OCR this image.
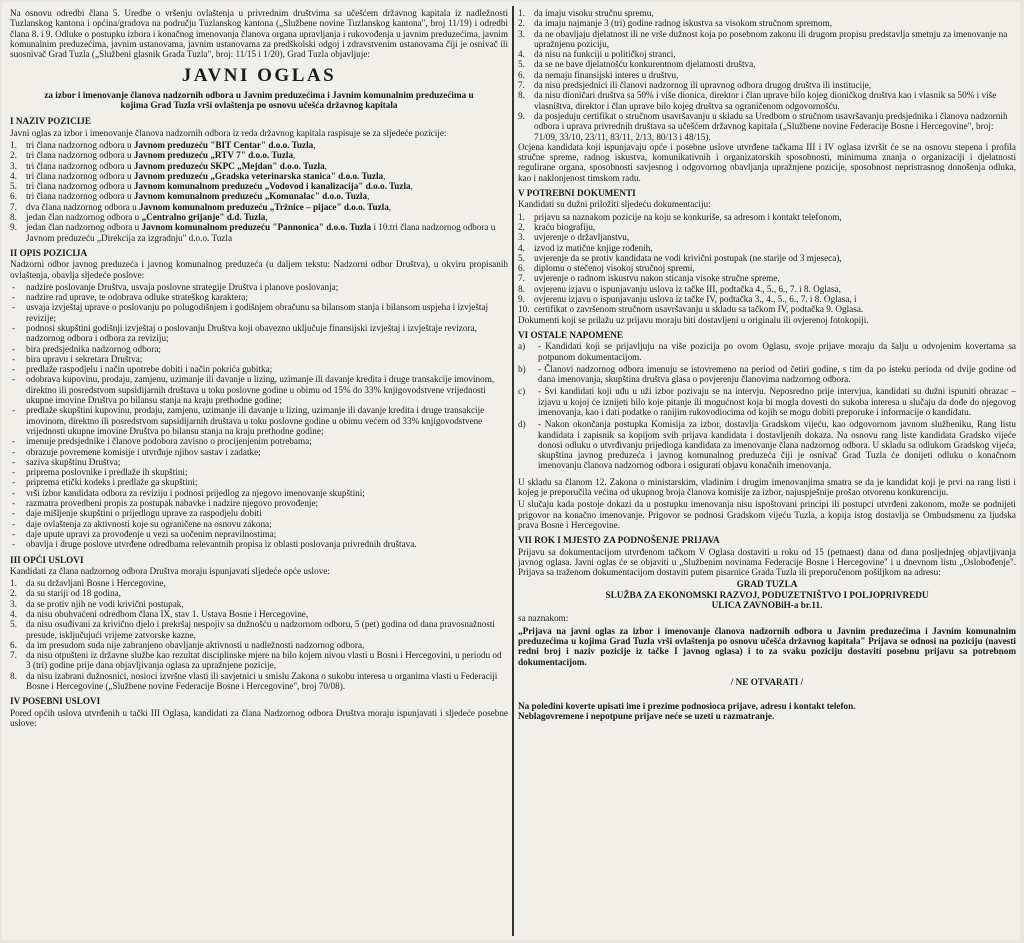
Na osnovu odredbi člana 5. Uredbe o vršenju ovlaštenja u privrednim društvima sa učešćem državnog kapitala iz nadležnosti Tuzlanskog kantona i općina/gradova na području Tuzlanskog kantona („Službene novine Tuzlanskog kantona", broj 11/19) i odredbi člana 8. i 9. Odluke o postupku izbora i konačnog imenovanja članova organa upravljanja i rukovođenja u javnim preduzećima, javnim komunalnim preduzećima, javnim ustanovama, javnim ustanovama za predškolski odgoj i zdravstvenim ustanovama čiji je osnivač ili suosnivač Grad Tuzla („Službeni glasnik Grada Tuzla", broj: 11/15 i 1/20), Grad Tuzla objavljuje:

JAVNI OGLAS
za izbor i imenovanje članova nadzornih odbora u Javnim preduzećima i Javnim komunalnim preduzećima u kojima Grad Tuzla vrši ovlaštenja po osnovu učešća državnog kapitala
I NAZIV POZICIJE

Javni oglas za izbor i imenovanje članova nadzornih odbora iz reda državnog kapitala raspisuje se za sljedeće pozicije:

1. tri člana nadzornog odbora u Javnom preduzeću "BIT Centar" d.o.o. Tuzla,
2. tri člana nadzornog odbora u Javnom preduzeću „RTV 7" d.o.o. Tuzla,
3. tri člana nadzornog odbora u Javnom preduzeću SKPC „Mejdan" d.o.o. Tuzla,
4. tri člana nadzornog odbora u Javnom preduzeću „Gradska veterinarska stanica" d.o.o. Tuzla,
5. tri člana nadzornog odbora u Javnom komunalnom preduzeću „Vodovod i kanalizacija" d.o.o. Tuzla,
6. tri člana nadzornog odbora u Javnom komunalnom preduzeću „Komunalac" d.o.o. Tuzla,
7. dva člana nadzornog odbora u Javnom komunalnom preduzeću „Tržnice – pijace" d.o.o. Tuzla,
8. jedan član nadzornog odbora u „Centralno grijanje" d.d. Tuzla,
9. jedan član nadzornog odbora u Javnom komunalnom preduzeću "Pannonica" d.o.o. Tuzla i 10.tri člana nadzornog odbora u Javnom preduzeću „Direkcija za izgradnju" d.o.o. Tuzla
II OPIS POZICIJA

Nadzorni odbor javnog preduzeća i javnog komunalnog preduzeća (u daljem tekstu: Nadzorni odbor Društva), u okviru propisanih ovlaštenja, obavlja sljedeće poslove:

-	nadzire poslovanje Društva, usvaja poslovne strategije Društva i planove poslovanja;
-	nadzire rad uprave, te odobrava odluke strateškog karaktera;
-	usvaja izvještaj uprave o poslovanju po polugodišnjem i godišnjem obračunu sa bilansom stanja i bilansom uspjeha i izvještaj revizije;
-	podnosi skupštini godišnji izvještaj o poslovanju Društva koji obavezno uključuje finansijski izvještaj i izvještaje revizora, nadzornog odbora i odbora za reviziju;
-	bira predsjednika nadzornog odbora;
-	bira upravu i sekretara Društva;
-	predlaže raspodjelu i način upotrebe dobiti i način pokrića gubitka;
-	odobrava kupovinu, prodaju, zamjenu, uzimanje ili davanje u lizing, uzimanje ili davanje kredita i druge transakcije imovinom, direktno ili posredstvom supsidijarnih društava u toku poslovne godine u obimu od 15% do 33% knjigovodstvene vrijednosti ukupne imovine Društva po bilansu stanja na kraju prethodne godine;
-	predlaže skupštini kupovinu, prodaju, zamjenu, uzimanje ili davanje u lizing, uzimanje ili davanje kredita i druge transakcije imovinom, direktno ili posredstvom supsidijarnih društava u toku poslovne godine u obimu većem od 33% knjigovodstvene vrijednosti ukupne imovine Društva po bilansu stanja na kraju prethodne godine;
-	imenuje predsjednike i članove podobora zavisno o procijenjenim potrebama;
-	obrazuje povremene komisije i utvrđuje njihov sastav i zadatke;
-	saziva skupštinu Društva;
-	priprema poslovnike i predlaže ih skupštini;
-	priprema etički kodeks i predlaže ga skupštini;
-	vrši izbor kandidata odbora za reviziju i podnosi prijedlog za njegovo imenovanje skupštini;
-	razmatra provedbeni propis za postupak nabavke i nadzire njegovo provođenje;
-	daje mišljenje skupštini o prijedlogu uprave za raspodjelu dobiti
-	daje ovlaštenja za aktivnosti koje su ograničene na osnovu zakona;
-	daje upute upravi za provođenje u vezi sa uočenim nepravilnostima;
-	obavlja i druge poslove utvrđene odredbama relevantnih propisa iz oblasti poslovanja privrednih društava.
III OPĆI USLOVI

Kandidati za člana nadzornog odbora Društva moraju ispunjavati sljedeće opće uslove:

1. da su državljani Bosne i Hercegovine,
2. da su stariji od 18 godina,
3. da se protiv njih ne vodi krivični postupak,
4. da nisu obuhvaćeni odredbom člana IX, stav 1. Ustava Bosne i Hercegovine,
5. da nisu osuđivani za krivično djelo i prekršaj nespojiv sa dužnošću u nadzornom odboru, 5 (pet) godina od dana pravosnažnosti presude, isključujući vrijeme zatvorske kazne,
6. da im presudom suda nije zabranjeno obavljanje aktivnosti u nadležnosti nadzornog odbora,
7. da nisu otpušteni iz državne službe kao rezultat disciplinske mjere na bilo kojem nivou vlasti u Bosni i Hercegovini, u periodu od 3 (tri) godine prije dana objavljivanja oglasa za upražnjene pozicije,
8. da nisu izabrani dužnosnici, nosioci izvršne vlasti ili savjetnici u smislu Zakona o sukobu interesa u organima vlasti u Federaciji Bosne i Hercegovine („Službene novine Federacije Bosne i Hercegovine", broj 70/08).
IV POSEBNI USLOVI

Pored općih uslova utvrđenih u tački III Oglasa, kandidati za člana Nadzornog odbora Društva moraju ispunjavati i sljedeće posebne uslove:

1. da imaju visoku stručnu spremu,
2. da imaju najmanje 3 (tri) godine radnog iskustva sa visokom stručnom spremom,
3. da ne obavljaju djelatnost ili ne vrše dužnost koja po posebnom zakonu ili drugom propisu predstavlja smetnju za imenovanje na upražnjenu poziciju,
4. da nisu na funkciji u političkoj stranci,
5. da se ne bave djelatnošću konkurentnom djelatnosti društva,
6. da nemaju finansijski interes u društvu,
7. da nisu predsjednici ili članovi nadzornog ili upravnog odbora drugog društva ili institucije,
8. da nisu dioničari društva sa 50% i više dionica, direktor i član uprave bilo kojeg dioničkog društva kao i vlasnik sa 50% i više vlasništva, direktor i član uprave bilo kojeg društva sa ograničenom odgovornošću.
9. da posjeduju certifikat o stručnom usavršavanju u skladu sa Uredbom o stručnom usavršavanju predsjednika i članova nadzornih odbora i uprava privrednih društava sa učešćem državnog kapitala („Službene novine Federacije Bosne i Hercegovine", broj: 71/09, 33/10, 23/11, 83/11, 2/13, 80/13 i 48/15).

Ocjena kandidata koji ispunjavaju opće i posebne uslove utvrđene tačkama III i IV oglasa izvršit će se na osnovu stepena i profila stručne spreme, radnog iskustva, komunikativnih i organizatorskih sposobnosti, minimuma znanja o organizaciji i djelatnosti regulirane organa, sposobnosti savjesnog i odgovornog obavljanja upražnjene pozicije, sposobnost nepristrasnog donošenja odluka, kao i naklonjenost timskom radu.

V POTREBNI DOKUMENTI

Kandidati su dužni priložiti sljedeću dokumentaciju:

1. prijavu sa naznakom pozicije na koju se konkuriše, sa adresom i kontakt telefonom,
2. kraću biografiju,
3. uvjerenje o državljanstvu,
4. izvod iz matične knjige rođenih,
5. uvjerenje da se protiv kandidata ne vodi krivični postupak (ne starije od 3 mjeseca),
6. diplomu o stečenoj visokoj stručnoj spremi,
7. uvjerenje o radnom iskustvu nakon sticanja visoke stručne spreme,
8. ovjerenu izjavu o ispunjavanju uslova iz tačke III, podtačka 4., 5., 6., 7. i 8. Oglasa,
9. ovjerenu izjavu o ispunjavanju uslova iz tačke IV, podtačka 3., 4., 5., 6., 7. i 8. Oglasa, i
10. certifikat o završenom stručnom usavršavanju u skladu sa tačkom IV, podtačka 9. Oglasa.

Dokumenti koji se prilažu uz prijavu moraju biti dostavljeni u originalu ili ovjerenoj fotokopiji.

VI OSTALE NAPOMENE
a)	- Kandidati koji se prijavljuju na više pozicija po ovom Oglasu, svoje prijave moraju da šalju u odvojenim kovertama sa potpunom dokumentacijom.
b)	- Članovi nadzornog odbora imenuju se istovremeno na period od četiri godine, s tim da po isteku perioda od dvije godine od dana imenovanja, skupština društva glasa o povjerenju članovima nadzornog odbora.
c)	- Svi kandidati koji uđu u uži izbor pozivaju se na intervju. Neposredno prije intervjua, kandidati su dužni ispuniti obrazac – izjavu u kojoj će iznijeti bilo koje pitanje ili mogućnost koja bi mogla dovesti do sukoba interesa u slučaju da dođe do njegovog imenovanja, kao i dati podatke o ranijim rukovodiocima od kojih se mogu dobiti preporuke i informacije o kandidatu.
d)	- Nakon okončanja postupka Komisija za izbor, dostavlja Gradskom vijeću, kao odgovornom javnom službeniku, Rang listu kandidata i zapisnik sa kopijom svih prijava kandidata i dostavljenih dokaza. Na osnovu rang liste kandidata Gradsko vijeće donosi odluku o utvrđivanju prijedloga kandidata za imenovanje člana nadzornog odbora. U skladu sa odlukom Gradskog vijeća, skupština javnog preduzeća i javnog komunalnog preduzeća čiji je osnivač Grad Tuzla će donijeti odluku o konačnom imenovanju članova nadzornog odbora i osigurati objavu konačnih imenovanja.

U skladu sa članom 12. Zakona o ministarskim, vladinim i drugim imenovanjima smatra se da je kandidat koji je prvi na rang listi i kojeg je preporučila većina od ukupnog broja članova komisije za izbor, najuspješnije prošao otvorenu konkurenciju.

U slučaju kada postoje dokazi da u postupku imenovanja nisu ispoštovani principi ili postupci utvrđeni zakonom, može se podnijeti prigovor na konačno imenovanje. Prigovor se podnosi Gradskom vijeću Tuzla, a kopija istog dostavlja se Ombudsmenu za ljudska prava Bosne i Hercegovine.

VII ROK I MJESTO ZA PODNOŠENJE PRIJAVA

Prijavu sa dokumentacijom utvrđenom tačkom V Oglasa dostaviti u roku od 15 (petnaest) dana od dana posljednjeg objavljivanja javnog oglasa. Javni oglas će se objaviti u „Službenim novinama Federacije Bosne i Hercegovine" i u dnevnom listu „Oslobođenje". Prijava sa traženom dokumentacijom dostaviti putem pisarnice Grada Tuzla ili preporučenom pošiljkom na adresu:

GRAD TUZLA
SLUŽBA ZA EKONOMSKI RAZVOJ, PODUZETNIŠTVO I POLJOPRIVREDU
ULICA ZAVNOBiH-a br.11.

sa naznakom:

„Prijava na javni oglas za izbor i imenovanje članova nadzornih odbora u Javnim preduzećima i Javnim komunalnim preduzećima u kojima Grad Tuzla vrši ovlaštenja po osnovu učešća državnog kapitala" Prijava se odnosi na poziciju (navesti redni broj i naziv pozicije iz tačke I javnog oglasa) i to za svaku poziciju dostaviti posebnu prijavu sa potrebnom dokumentacijom.

/ NE OTVARATI /
Na poleđini koverte upisati ime i prezime podnosioca prijave, adresu i kontakt telefon.
Neblagovremene i nepotpune prijave neće se uzeti u razmatranje.
